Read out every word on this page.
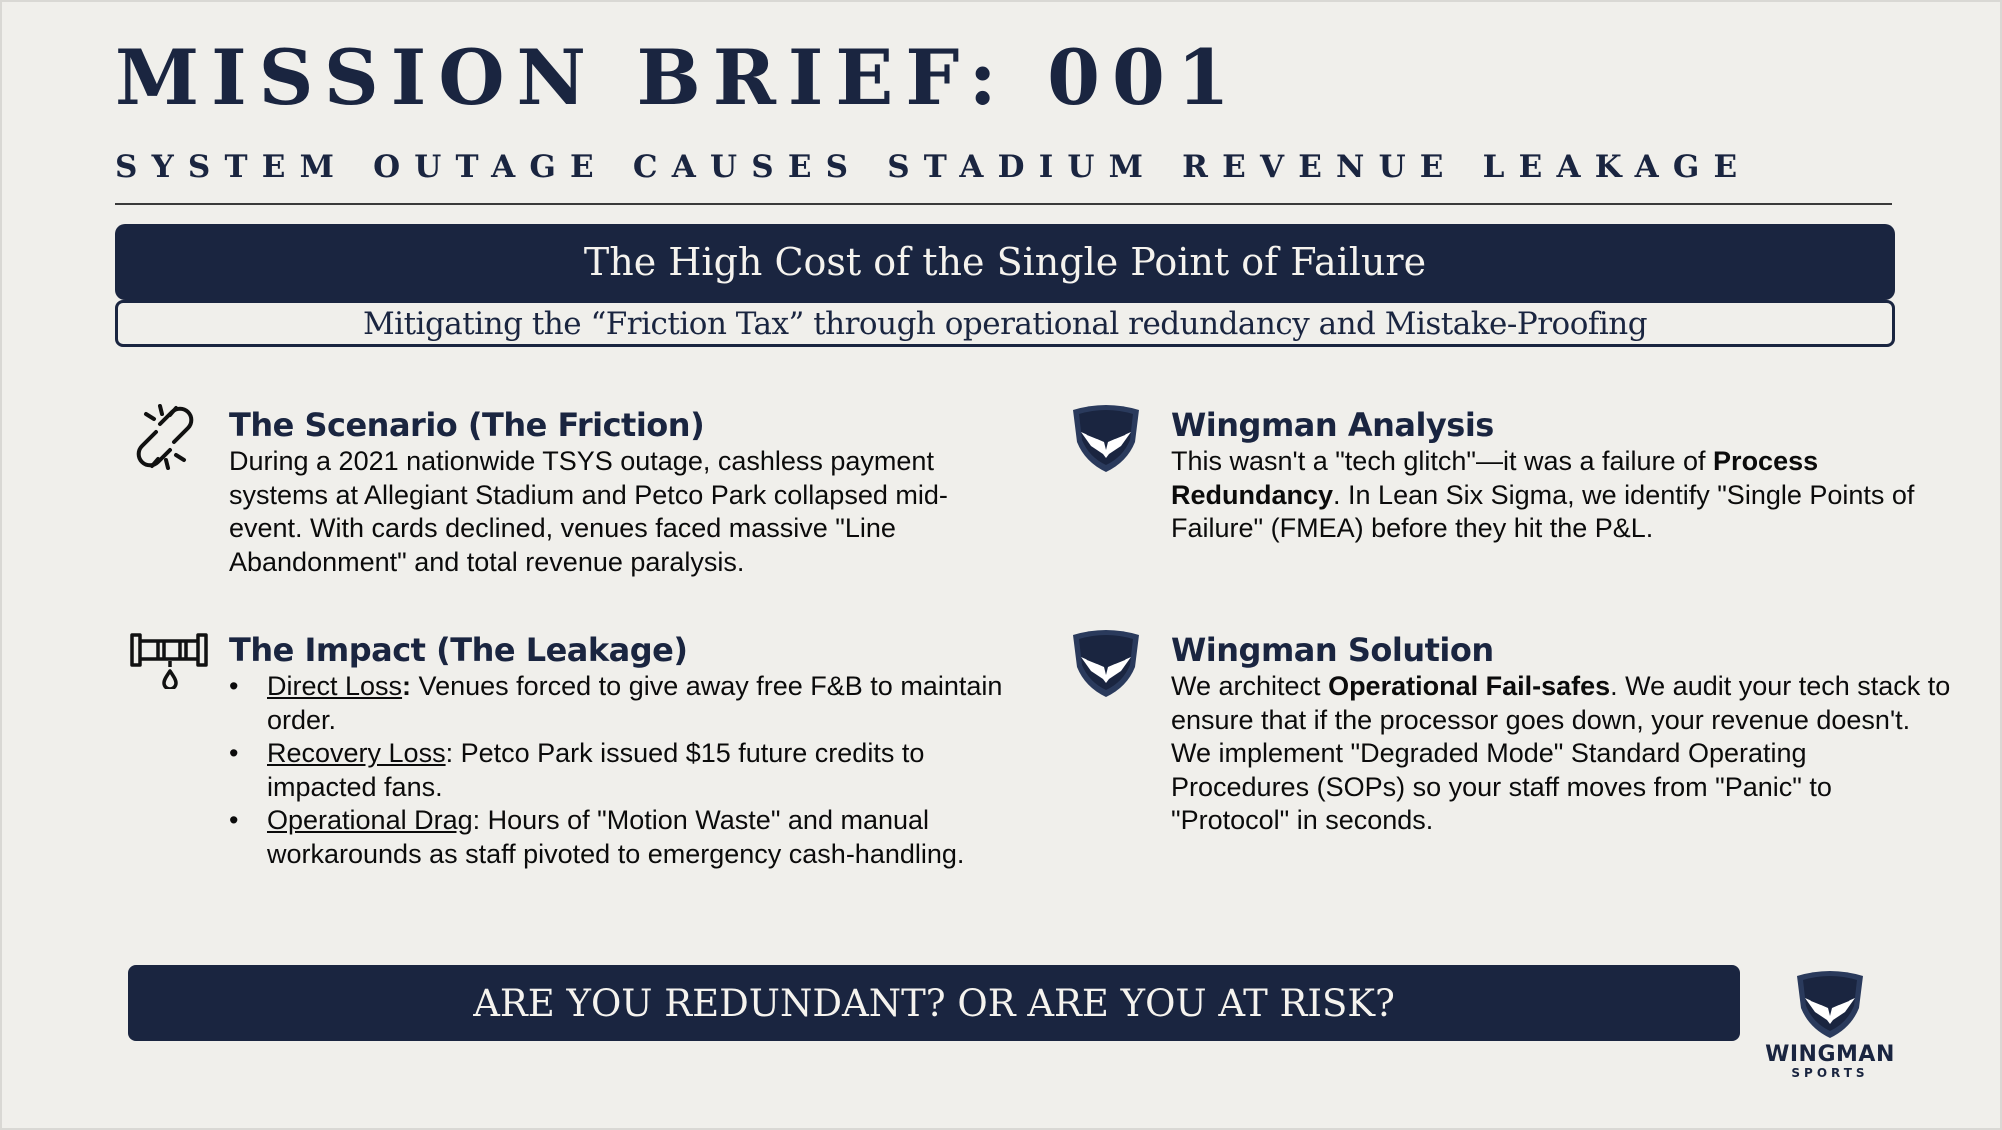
MISSION BRIEF: 001
SYSTEM OUTAGE CAUSES STADIUM REVENUE LEAKAGE
The High Cost of the Single Point of Failure
Mitigating the “Friction Tax” through operational redundancy and Mistake-Proofing
The Scenario (The Friction)
During a 2021 nationwide TSYS outage, cashless payment systems at Allegiant Stadium and Petco Park collapsed mid-event. With cards declined, venues faced massive "Line Abandonment" and total revenue paralysis.
The Impact (The Leakage)
• Direct Loss: Venues forced to give away free F&B to maintain order.
• Recovery Loss: Petco Park issued $15 future credits to impacted fans.
• Operational Drag: Hours of "Motion Waste" and manual workarounds as staff pivoted to emergency cash-handling.
Wingman Analysis
This wasn't a "tech glitch"—it was a failure of Process Redundancy. In Lean Six Sigma, we identify "Single Points of Failure" (FMEA) before they hit the P&L.
Wingman Solution
We architect Operational Fail-safes. We audit your tech stack to ensure that if the processor goes down, your revenue doesn't. We implement "Degraded Mode" Standard Operating Procedures (SOPs) so your staff moves from "Panic" to "Protocol" in seconds.
ARE YOU REDUNDANT? OR ARE YOU AT RISK?
WINGMAN
SPORTS
